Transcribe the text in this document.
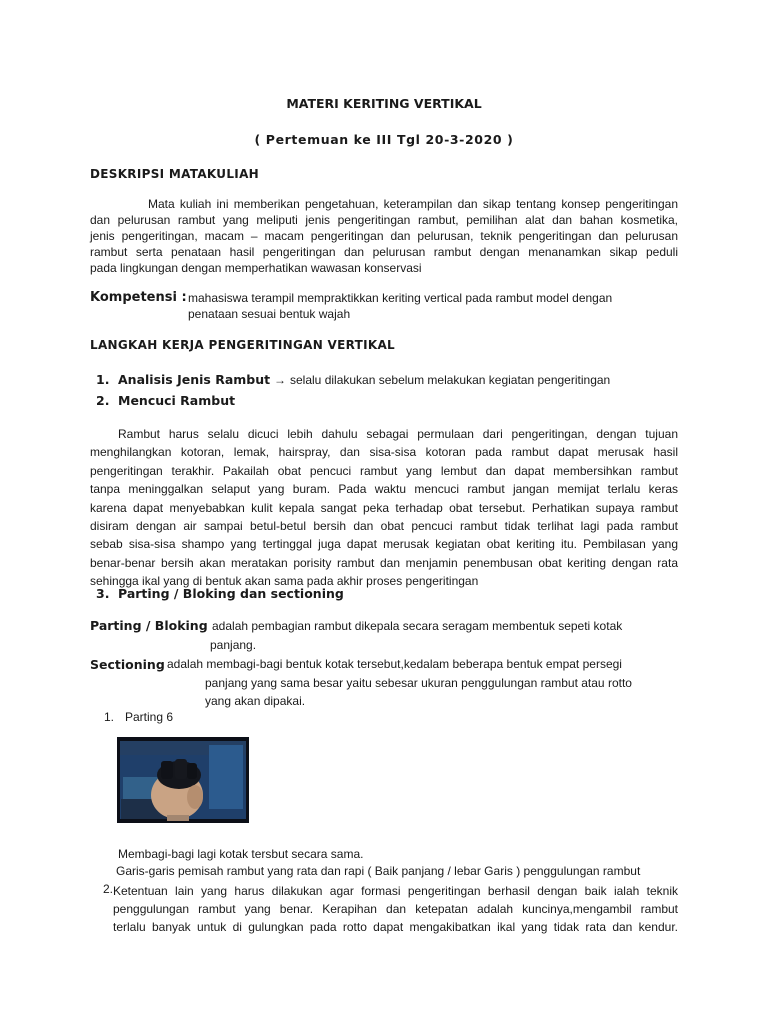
MATERI KERITING VERTIKAL
( Pertemuan ke III Tgl 20-3-2020 )
DESKRIPSI MATAKULIAH
Mata kuliah ini memberikan pengetahuan, keterampilan dan sikap tentang konsep pengeritingan
dan pelurusan rambut yang meliputi jenis pengeritingan rambut, pemilihan alat dan bahan kosmetika,
jenis pengeritingan, macam – macam pengeritingan dan pelurusan, teknik pengeritingan dan pelurusan
rambut serta penataan hasil pengeritingan dan pelurusan rambut dengan menanamkan sikap peduli
pada lingkungan dengan memperhatikan wawasan konservasi
Kompetensi : mahasiswa terampil mempraktikkan keriting vertical pada rambut model dengan
penataan sesuai bentuk wajah
LANGKAH KERJA PENGERITINGAN VERTIKAL
1. Analisis Jenis Rambut → selalu dilakukan sebelum melakukan kegiatan pengeritingan
2. Mencuci Rambut
Rambut harus selalu dicuci lebih dahulu sebagai permulaan dari pengeritingan, dengan tujuan
menghilangkan kotoran, lemak, hairspray, dan sisa-sisa kotoran pada rambut dapat merusak hasil
pengeritingan terakhir. Pakailah obat pencuci rambut yang lembut dan dapat membersihkan rambut
tanpa meninggalkan selaput yang buram. Pada waktu mencuci rambut jangan memijat terlalu keras
karena dapat menyebabkan kulit kepala sangat peka terhadap obat tersebut. Perhatikan supaya rambut
disiram dengan air sampai betul-betul bersih dan obat pencuci rambut tidak terlihat lagi pada rambut
sebab sisa-sisa shampo yang tertinggal juga dapat merusak kegiatan obat keriting itu. Pembilasan yang
benar-benar bersih akan meratakan porisity rambut dan menjamin penembusan obat keriting dengan rata
sehingga ikal yang di bentuk akan sama pada akhir proses pengeritingan
3. Parting / Bloking dan sectioning
Parting / Bloking adalah pembagian rambut dikepala secara seragam membentuk sepeti kotak
panjang.
Sectioning adalah membagi-bagi bentuk kotak tersebut,kedalam beberapa bentuk empat persegi
panjang yang sama besar yaitu sebesar ukuran penggulungan rambut atau rotto
yang akan dipakai.
1. Parting 6
Membagi-bagi lagi kotak tersbut secara sama.
Garis-garis pemisah rambut yang rata dan rapi ( Baik panjang / lebar Garis ) penggulungan rambut
2. Ketentuan lain yang harus dilakukan agar formasi pengeritingan berhasil dengan baik ialah teknik
penggulungan rambut yang benar. Kerapihan dan ketepatan adalah kuncinya,mengambil rambut
terlalu banyak untuk di gulungkan pada rotto dapat mengakibatkan ikal yang tidak rata dan kendur.
